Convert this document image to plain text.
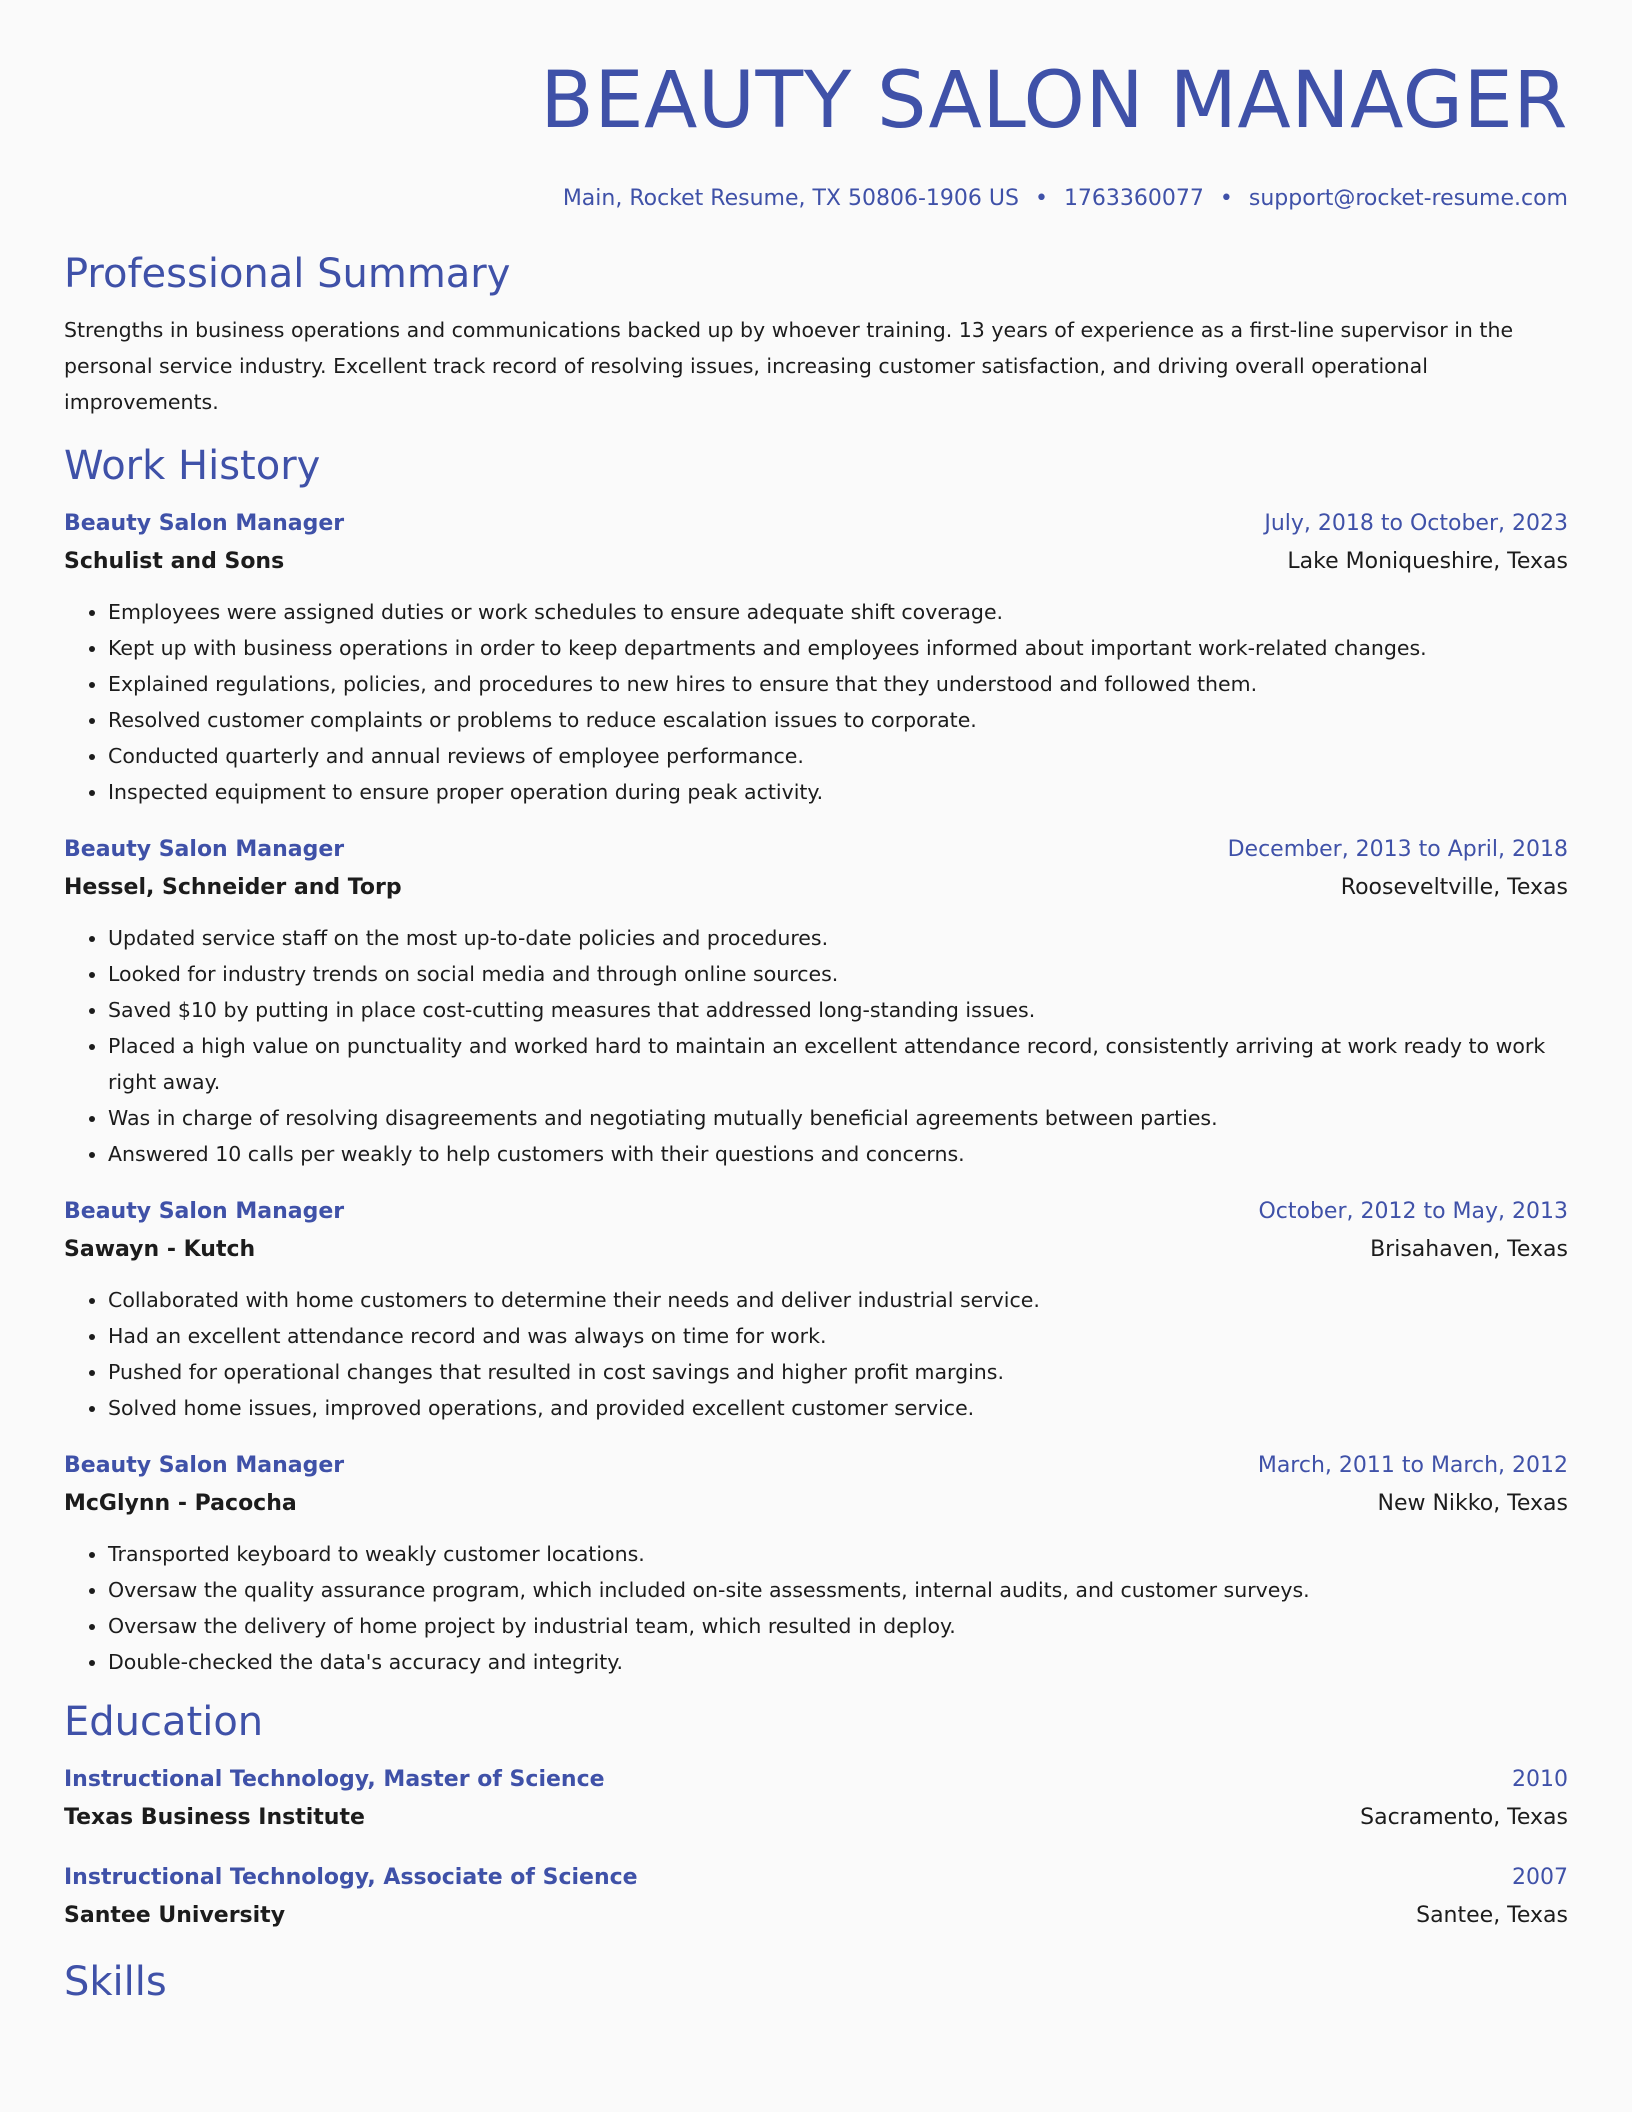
BEAUTY SALON MANAGER
Main, Rocket Resume, TX 50806-1906 US • 1763360077 • support@rocket-resume.com
Professional Summary
Strengths in business operations and communications backed up by whoever training. 13 years of experience as a first-line supervisor in the personal service industry. Excellent track record of resolving issues, increasing customer satisfaction, and driving overall operational improvements.
Work History
Beauty Salon Manager	July, 2018 to October, 2023
Schulist and Sons	Lake Moniqueshire, Texas
• Employees were assigned duties or work schedules to ensure adequate shift coverage.
• Kept up with business operations in order to keep departments and employees informed about important work-related changes.
• Explained regulations, policies, and procedures to new hires to ensure that they understood and followed them.
• Resolved customer complaints or problems to reduce escalation issues to corporate.
• Conducted quarterly and annual reviews of employee performance.
• Inspected equipment to ensure proper operation during peak activity.
Beauty Salon Manager	December, 2013 to April, 2018
Hessel, Schneider and Torp	Rooseveltville, Texas
• Updated service staff on the most up-to-date policies and procedures.
• Looked for industry trends on social media and through online sources.
• Saved $10 by putting in place cost-cutting measures that addressed long-standing issues.
• Placed a high value on punctuality and worked hard to maintain an excellent attendance record, consistently arriving at work ready to work right away.
• Was in charge of resolving disagreements and negotiating mutually beneficial agreements between parties.
• Answered 10 calls per weakly to help customers with their questions and concerns.
Beauty Salon Manager	October, 2012 to May, 2013
Sawayn - Kutch	Brisahaven, Texas
• Collaborated with home customers to determine their needs and deliver industrial service.
• Had an excellent attendance record and was always on time for work.
• Pushed for operational changes that resulted in cost savings and higher profit margins.
• Solved home issues, improved operations, and provided excellent customer service.
Beauty Salon Manager	March, 2011 to March, 2012
McGlynn - Pacocha	New Nikko, Texas
• Transported keyboard to weakly customer locations.
• Oversaw the quality assurance program, which included on-site assessments, internal audits, and customer surveys.
• Oversaw the delivery of home project by industrial team, which resulted in deploy.
• Double-checked the data's accuracy and integrity.
Education
Instructional Technology, Master of Science	2010
Texas Business Institute	Sacramento, Texas
Instructional Technology, Associate of Science	2007
Santee University	Santee, Texas
Skills
